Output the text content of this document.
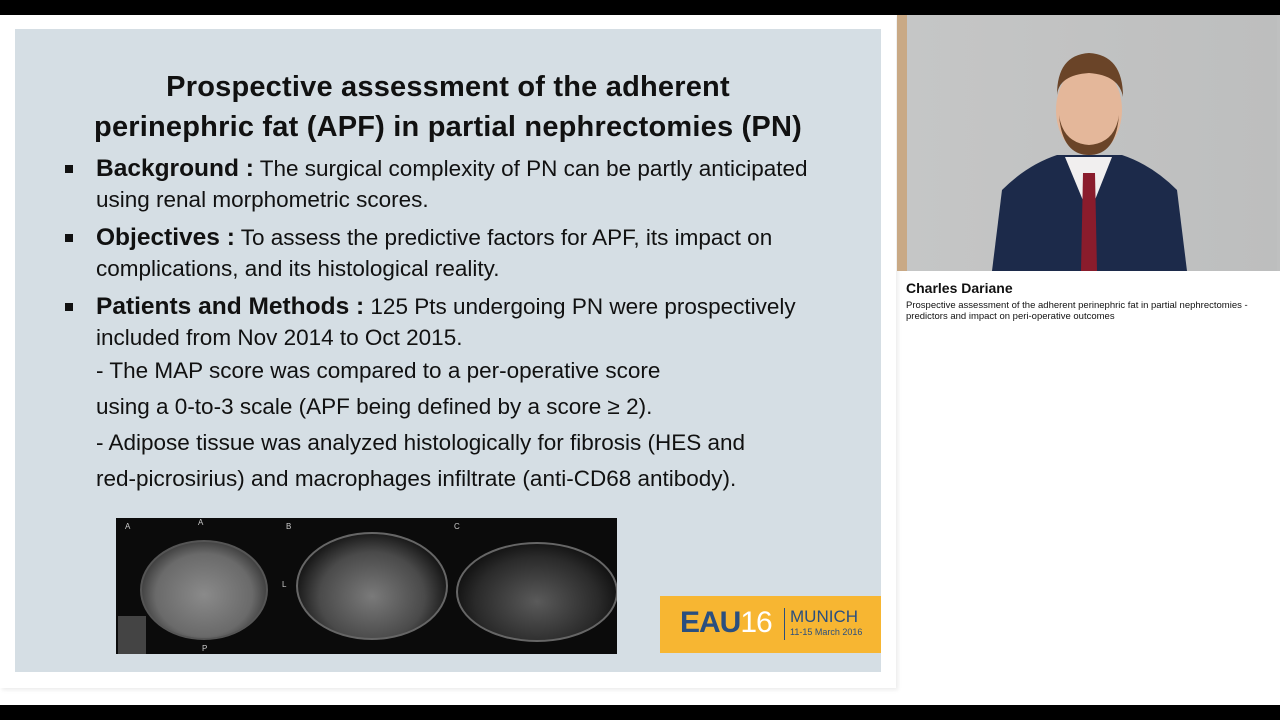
Prospective assessment of the adherent
perinephric fat (APF) in partial nephrectomies (PN)
Background : The surgical complexity of PN can be partly anticipated using renal morphometric scores.
Objectives : To assess the predictive factors for APF, its impact on complications, and its histological reality.
Patients and Methods : 125 Pts undergoing PN were prospectively included from Nov 2014 to Oct 2015.
- The MAP score was compared to a per-operative score
using a 0-to-3 scale (APF being defined by a score ≥ 2).
- Adipose tissue was analyzed histologically for fibrosis (HES and
red-picrosirius) and macrophages infiltrate (anti-CD68 antibody).
A	A	B	C
L
P
EAU16 MUNICH
11-15 March 2016
Charles Dariane
Prospective assessment of the adherent perinephric fat in partial nephrectomies - predictors and impact on peri-operative outcomes
